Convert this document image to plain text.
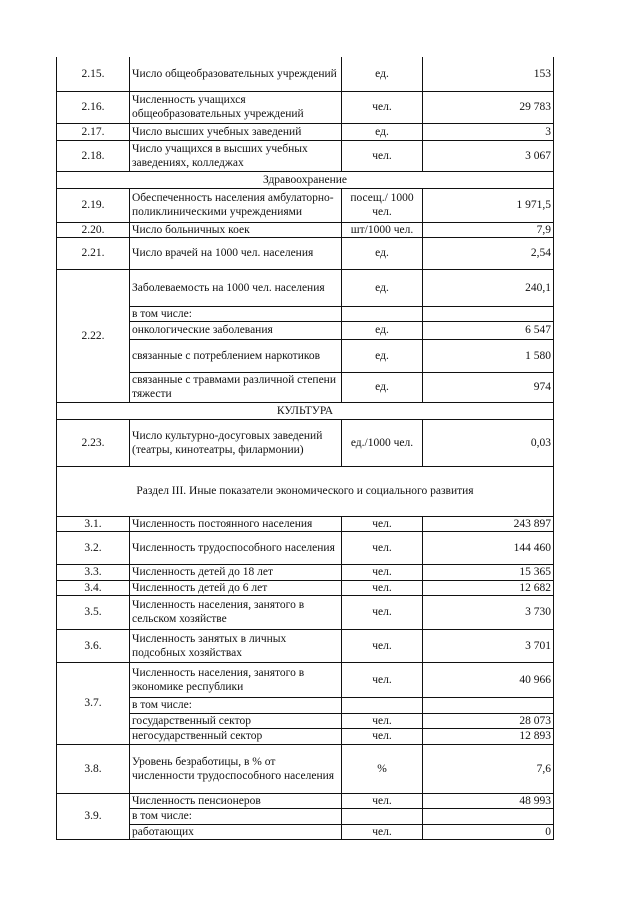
2.15.	Число общеобразовательных учреждений	ед.	153
2.16.	Численность учащихся общеобразовательных учреждений	чел.	29 783
2.17.	Число высших учебных заведений	ед.	3
2.18.	Число учащихся в высших учебных заведениях, колледжах	чел.	3 067
Здравоохранение			
2.19.	Обеспеченность населения амбулаторно-поликлиническими учреждениями	посещ./ 1000 чел.	1 971,5
2.20.	Число больничных коек	шт/1000 чел.	7,9
2.21.	Число врачей на 1000 чел. населения	ед.	2,54
2.22.	Заболеваемость на 1000 чел. населения	ед.	240,1
	в том числе:		
	онкологические заболевания	ед.	6 547
	связанные с потреблением наркотиков	ед.	1 580
	связанные с травмами различной степени тяжести	ед.	974
КУЛЬТУРА			
2.23.	Число культурно-досуговых заведений (театры, кинотеатры, филармонии)	ед./1000 чел.	0,03
Раздел III. Иные показатели экономического и социального развития			
3.1.	Численность постоянного населения	чел.	243 897
3.2.	Численность трудоспособного населения	чел.	144 460
3.3.	Численность детей до 18 лет	чел.	15 365
3.4.	Численность детей до 6 лет	чел.	12 682
3.5.	Численность населения, занятого в сельском хозяйстве	чел.	3 730
3.6.	Численность занятых в личных подсобных хозяйствах	чел.	3 701
3.7.	Численность населения, занятого в экономике республики	чел.	40 966
	в том числе:		
	государственный сектор	чел.	28 073
	негосударственный сектор	чел.	12 893
3.8.	Уровень безработицы, в % от численности трудоспособного населения	%	7,6
3.9.	Численность пенсионеров	чел.	48 993
	в том числе:		
	работающих	чел.	0
